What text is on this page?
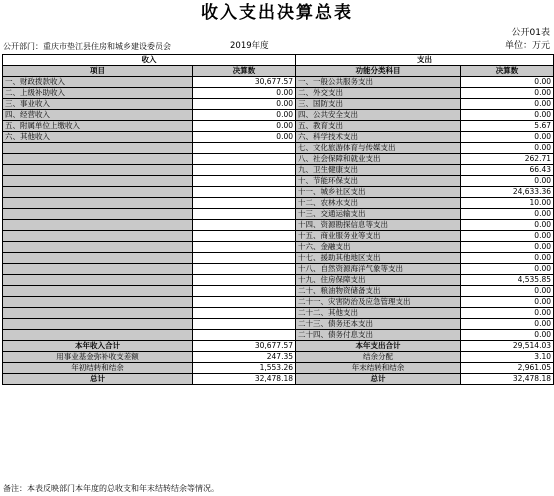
收入支出决算总表
公开01表
公开部门：重庆市垫江县住房和城乡建设委员会	2019年度	单位：万元
收入		支出	
项目	决算数	功能分类科目	决算数
一、财政拨款收入	30,677.57	一、一般公共服务支出	0.00
二、上级补助收入	0.00	二、外交支出	0.00
三、事业收入	0.00	三、国防支出	0.00
四、经营收入	0.00	四、公共安全支出	0.00
五、附属单位上缴收入	0.00	五、教育支出	5.67
六、其他收入	0.00	六、科学技术支出	0.00
		七、文化旅游体育与传媒支出	0.00
		八、社会保障和就业支出	262.71
		九、卫生健康支出	66.43
		十、节能环保支出	0.00
		十一、城乡社区支出	24,633.36
		十二、农林水支出	10.00
		十三、交通运输支出	0.00
		十四、资源勘探信息等支出	0.00
		十五、商业服务业等支出	0.00
		十六、金融支出	0.00
		十七、援助其他地区支出	0.00
		十八、自然资源海洋气象等支出	0.00
		十九、住房保障支出	4,535.85
		二十、粮油物资储备支出	0.00
		二十一、灾害防治及应急管理支出	0.00
		二十二、其他支出	0.00
		二十三、债务还本支出	0.00
		二十四、债务付息支出	0.00
本年收入合计	30,677.57	本年支出合计	29,514.03
用事业基金弥补收支差额	247.35	结余分配	3.10
年初结转和结余	1,553.26	年末结转和结余	2,961.05
总计	32,478.18	总计	32,478.18
备注：本表反映部门本年度的总收支和年末结转结余等情况。
